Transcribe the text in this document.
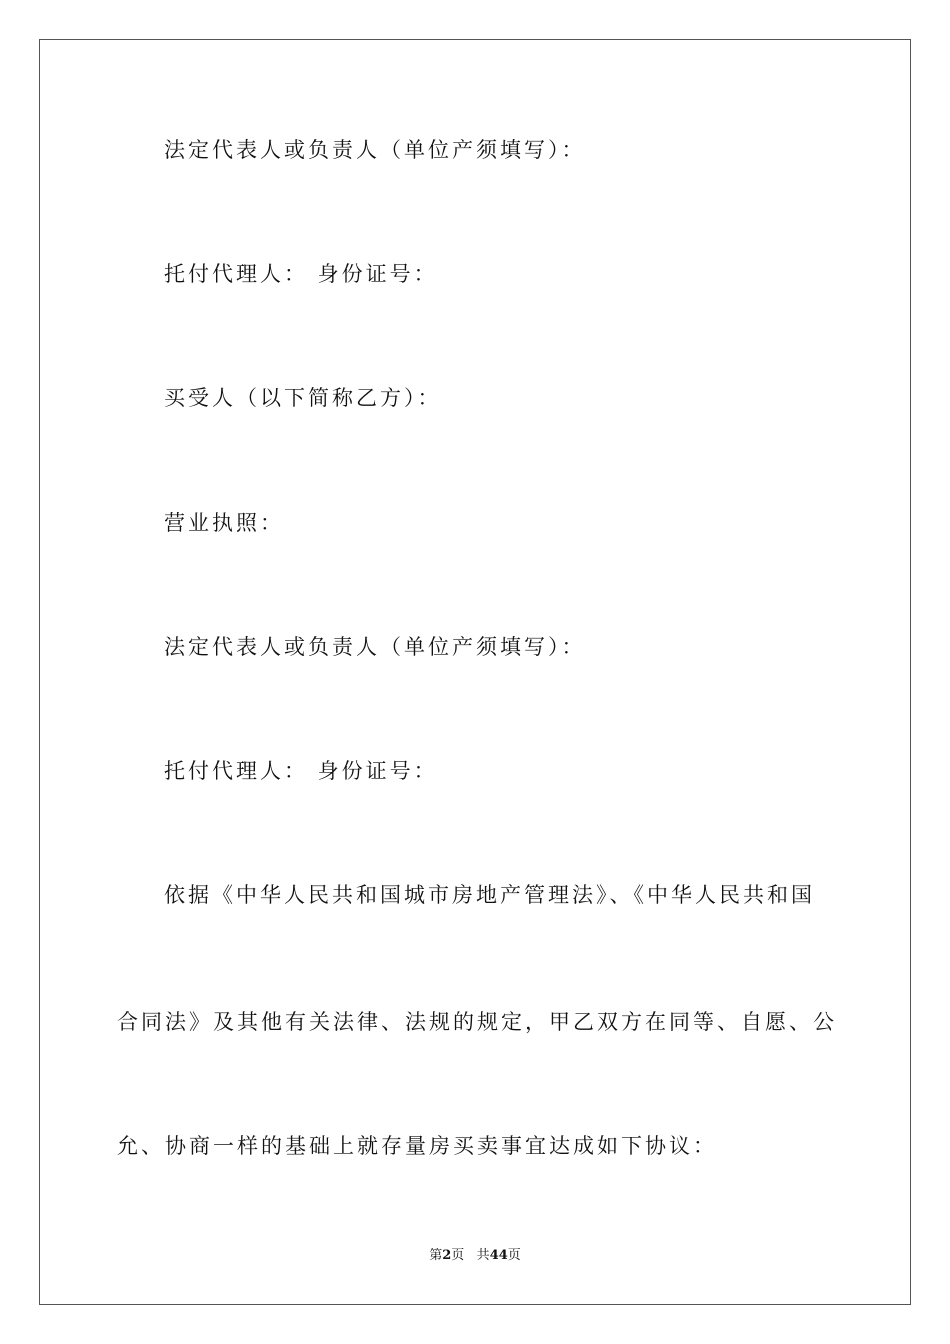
法定代表人或负责人（单位产须填写）：

托付代理人： 身份证号：

买受人（以下简称乙方）：

营业执照：

法定代表人或负责人（单位产须填写）：

托付代理人： 身份证号：

依据《中华人民共和国城市房地产管理法》、《中华人民共和国

合同法》及其他有关法律、法规的规定，甲乙双方在同等、自愿、公

允、协商一样的基础上就存量房买卖事宜达成如下协议：

第2页 共44页
